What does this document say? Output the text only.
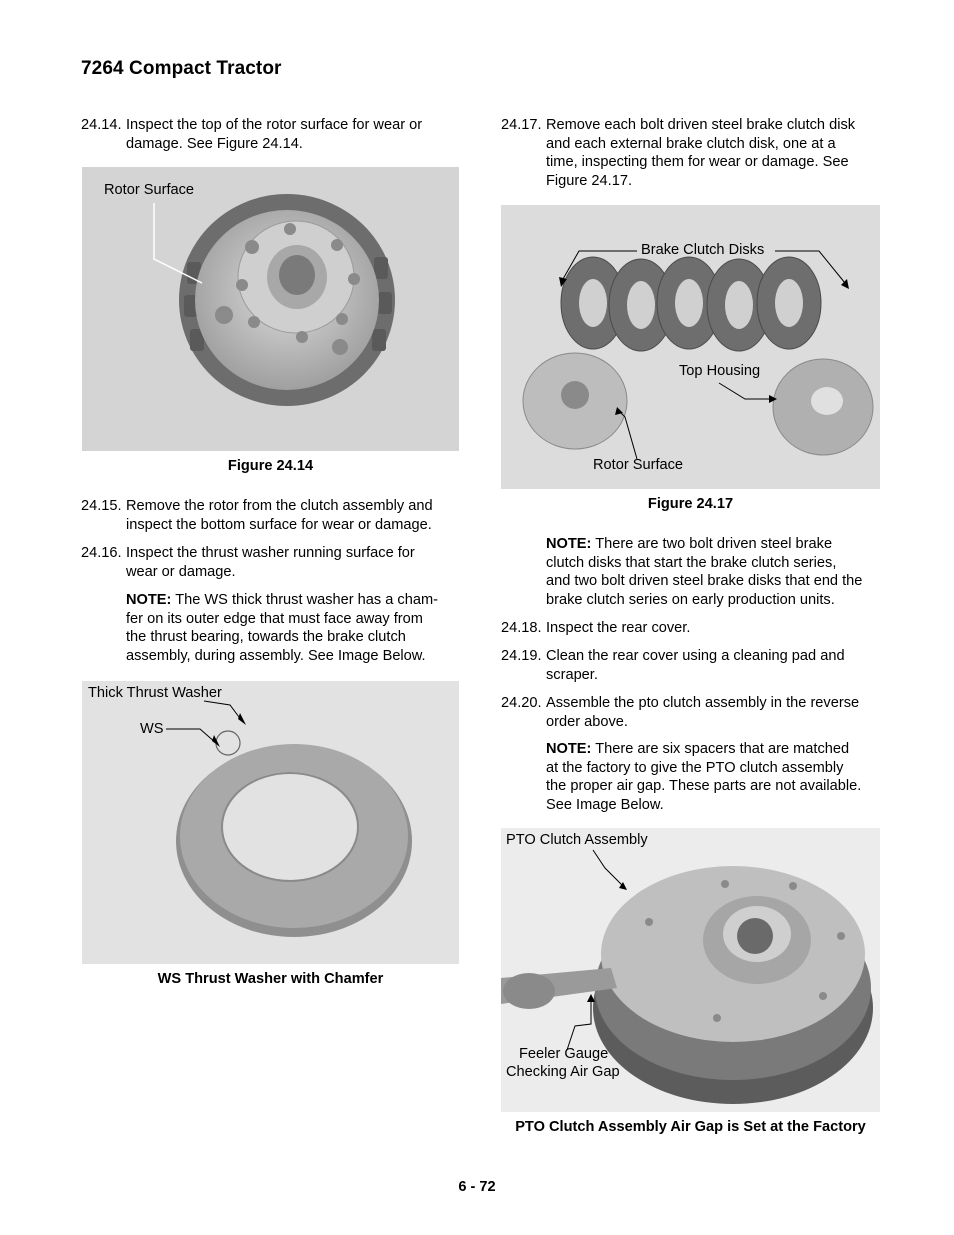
7264 Compact Tractor
24.14. Inspect the top of the rotor surface for wear or
damage. See Figure 24.14.
Rotor Surface
Figure 24.14
24.15. Remove the rotor from the clutch assembly and
inspect the bottom surface for wear or damage.
24.16. Inspect the thrust washer running surface for
wear or damage.
NOTE: The WS thick thrust washer has a cham-
fer on its outer edge that must face away from
the thrust bearing, towards the brake clutch
assembly, during assembly. See Image Below.
Thick Thrust Washer
WS
WS Thrust Washer with Chamfer
24.17. Remove each bolt driven steel brake clutch disk
and each external brake clutch disk, one at a
time, inspecting them for wear or damage. See
Figure 24.17.
Brake Clutch Disks
Top Housing
Rotor Surface
Figure 24.17
NOTE: There are two bolt driven steel brake
clutch disks that start the brake clutch series,
and two bolt driven steel brake disks that end the
brake clutch series on early production units.
24.18. Inspect the rear cover.
24.19. Clean the rear cover using a cleaning pad and
scraper.
24.20. Assemble the pto clutch assembly in the reverse
order above.
NOTE: There are six spacers that are matched
at the factory to give the PTO clutch assembly
the proper air gap. These parts are not available.
See Image Below.
PTO Clutch Assembly
Feeler Gauge
Checking Air Gap
PTO Clutch Assembly Air Gap is Set at the Factory
6 - 72
